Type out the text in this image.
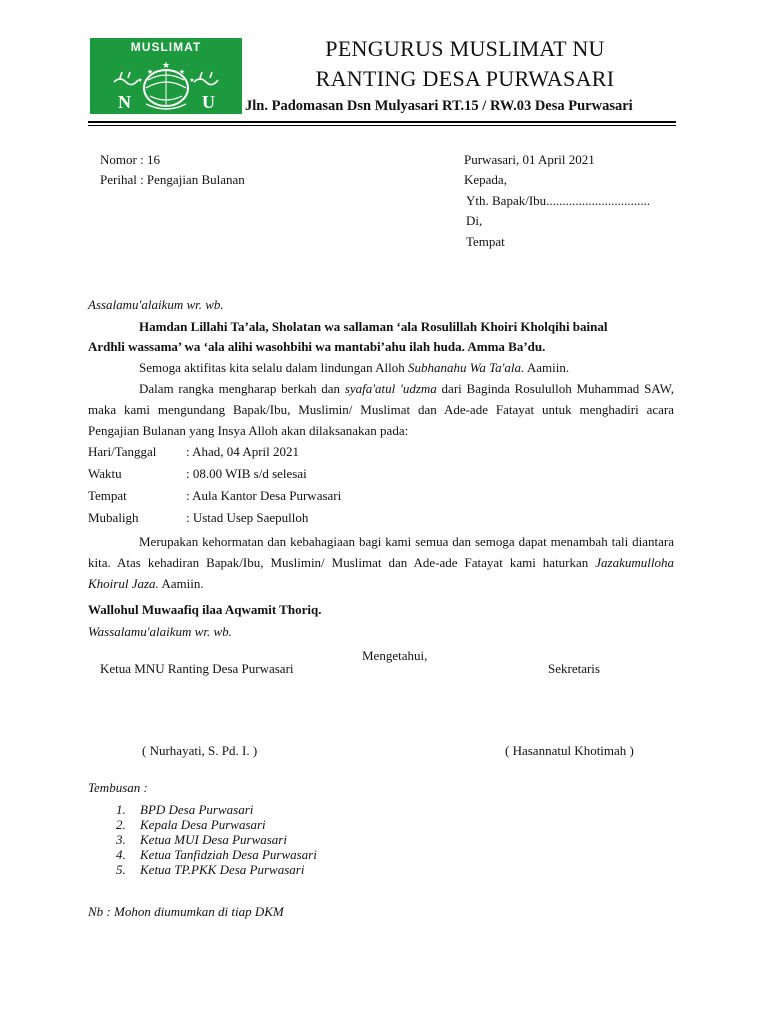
★
★	★
★	★
MUSLIMAT
N	U
PENGURUS MUSLIMAT NU
RANTING DESA PURWASARI
Jln. Padomasan Dsn Mulyasari RT.15 / RW.03 Desa Purwasari
Nomor : 16
Perihal : Pengajian Bulanan
Purwasari, 01 April 2021
Kepada,
Yth. Bapak/Ibu................................
Di,
Tempat
Assalamu'alaikum wr. wb.
Hamdan Lillahi Ta’ala, Sholatan wa sallaman ‘ala Rosulillah Khoiri Kholqihi bainal
Ardhli wassama’ wa ‘ala alihi wasohbihi wa mantabi’ahu ilah huda. Amma Ba’du.
Semoga aktifitas kita selalu dalam lindungan Alloh Subhanahu Wa Ta'ala. Aamiin.
Dalam rangka mengharap berkah dan syafa'atul 'udzma dari Baginda Rosululloh Muhammad SAW, maka kami mengundang Bapak/Ibu, Muslimin/ Muslimat dan Ade-ade Fatayat untuk menghadiri acara Pengajian Bulanan yang Insya Alloh akan dilaksanakan pada:
Hari/Tanggal : Ahad, 04 April 2021
Waktu	: 08.00 WIB s/d selesai
Tempat	: Aula Kantor Desa Purwasari
Mubaligh	: Ustad Usep Saepulloh
Merupakan kehormatan dan kebahagiaan bagi kami semua dan semoga dapat menambah tali diantara kita. Atas kehadiran Bapak/Ibu, Muslimin/ Muslimat dan Ade-ade Fatayat kami haturkan Jazakumulloha Khoirul Jaza. Aamiin.
Wallohul Muwaafiq ilaa Aqwamit Thoriq.
Wassalamu'alaikum wr. wb.
Mengetahui,
Ketua MNU Ranting Desa Purwasari	Sekretaris
( Nurhayati, S. Pd. I. )	( Hasannatul Khotimah )
Tembusan :
1. BPD Desa Purwasari
2. Kepala Desa Purwasari
3. Ketua MUI Desa Purwasari
4. Ketua Tanfidziah Desa Purwasari
5. Ketua TP.PKK Desa Purwasari
Nb : Mohon diumumkan di tiap DKM
